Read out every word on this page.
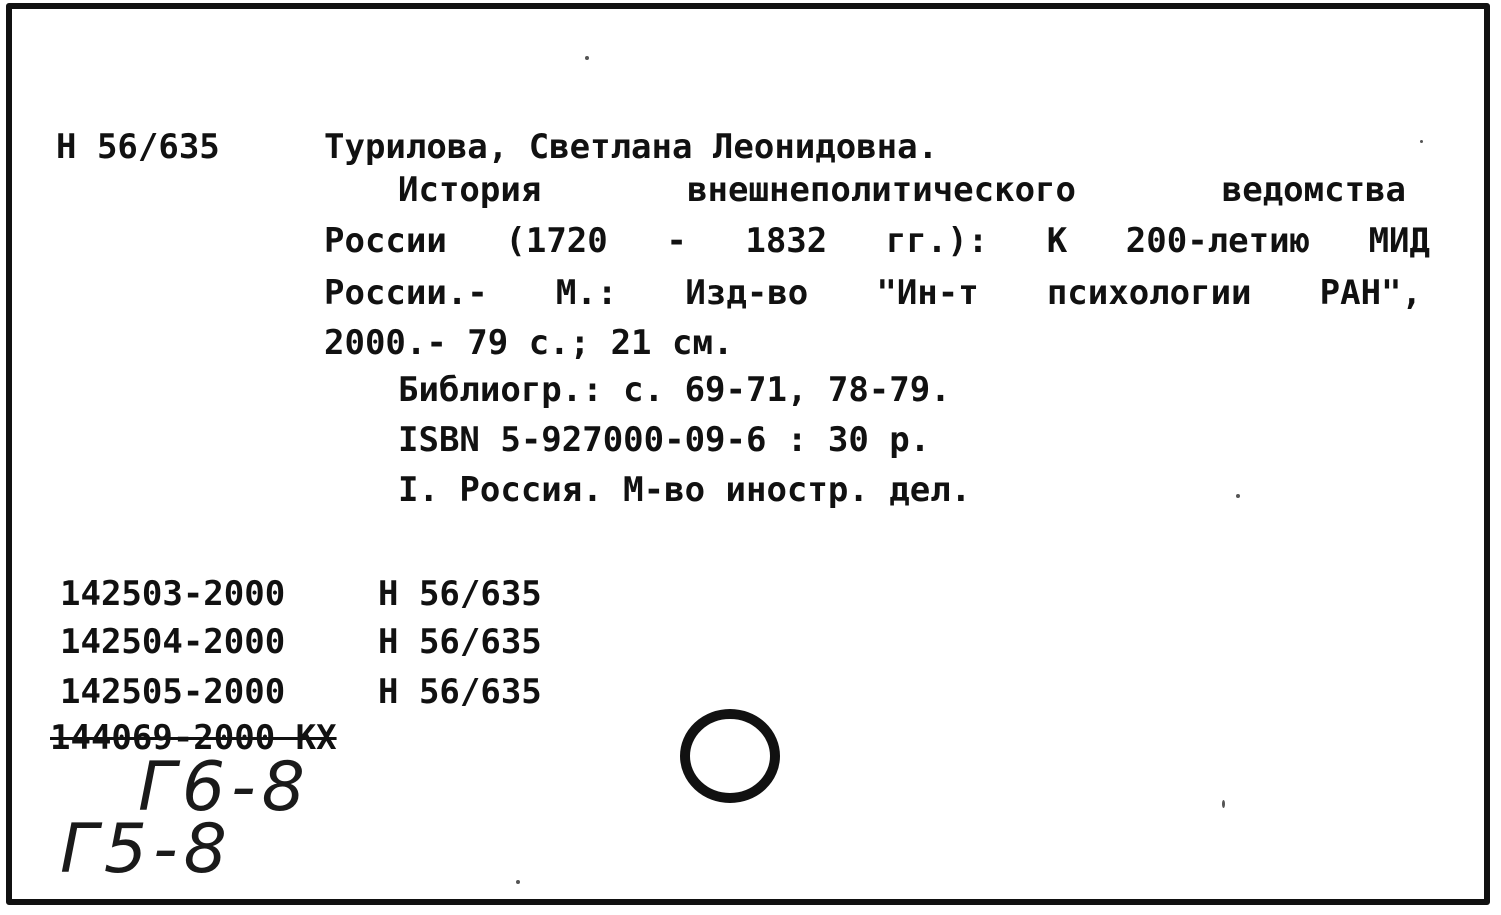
Н 56/635	Турилова, Светлана Леонидовна.
История	внешнеполитического	ведомства
России (1720 - 1832 гг.): К 200-летию МИД
России.- М.: Изд-во "Ин-т психологии РАН",
2000.- 79 с.; 21 см.
Библиогр.: с. 69-71, 78-79.
ISBN 5-927000-09-6 : 30 р.
I. Россия. М-во иностр. дел.
142503-2000	Н 56/635
142504-2000	Н 56/635
142505-2000	Н 56/635
144069-2000 КХ
Г6-8
Г5-8
